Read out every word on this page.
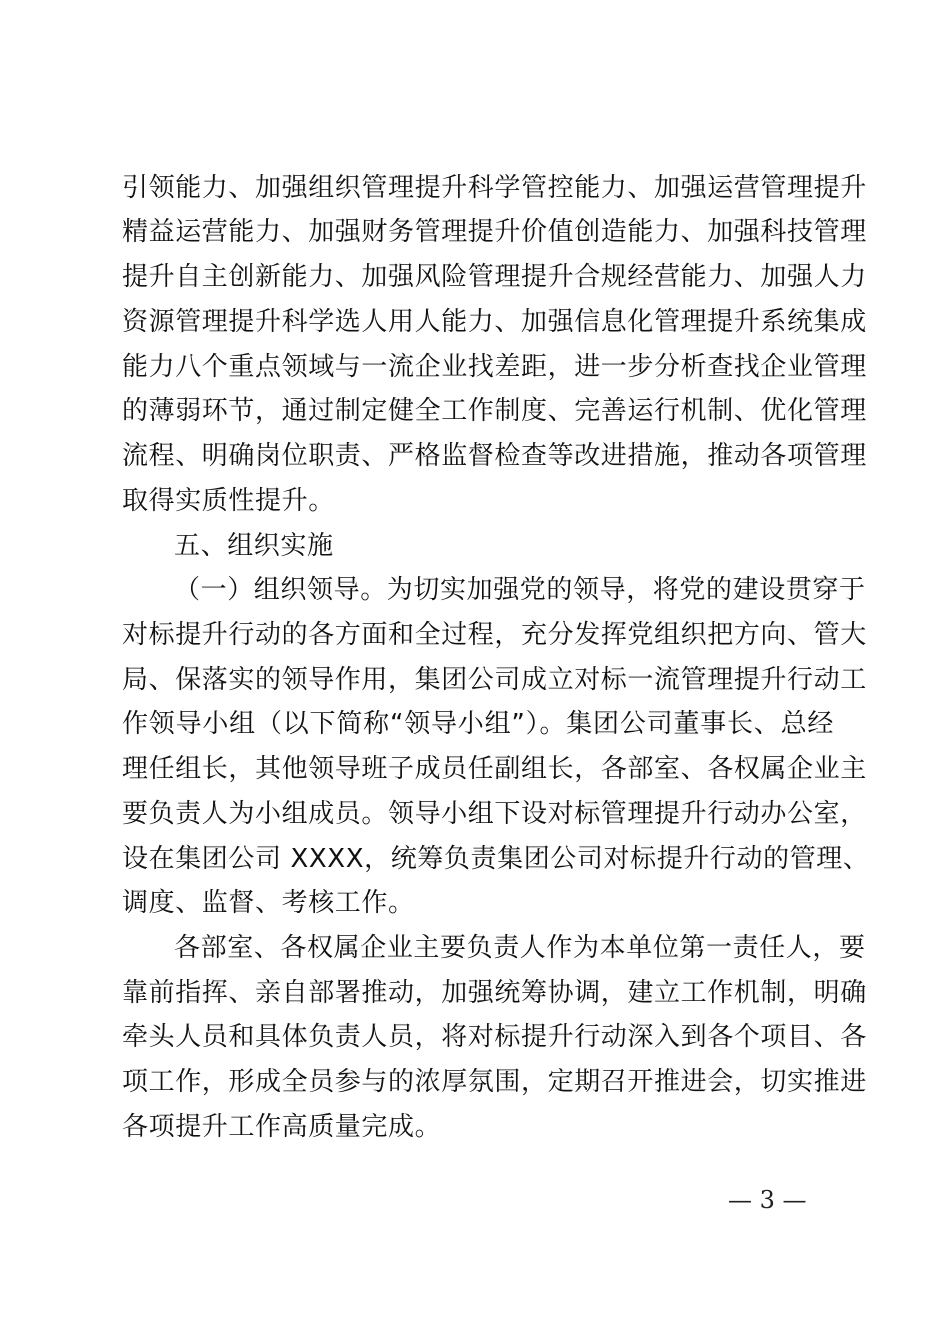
引领能力、加强组织管理提升科学管控能力、加强运营管理提升
精益运营能力、加强财务管理提升价值创造能力、加强科技管理
提升自主创新能力、加强风险管理提升合规经营能力、加强人力
资源管理提升科学选人用人能力、加强信息化管理提升系统集成
能力八个重点领域与一流企业找差距，进一步分析查找企业管理
的薄弱环节，通过制定健全工作制度、完善运行机制、优化管理
流程、明确岗位职责、严格监督检查等改进措施，推动各项管理
取得实质性提升。
五、组织实施
（一）组织领导。为切实加强党的领导，将党的建设贯穿于
对标提升行动的各方面和全过程，充分发挥党组织把方向、管大
局、保落实的领导作用，集团公司成立对标一流管理提升行动工
作领导小组（以下简称“领导小组”）。集团公司董事长、总经
理任组长，其他领导班子成员任副组长，各部室、各权属企业主
要负责人为小组成员。领导小组下设对标管理提升行动办公室，
设在集团公司 XXXX，统筹负责集团公司对标提升行动的管理、
调度、监督、考核工作。
各部室、各权属企业主要负责人作为本单位第一责任人，要
靠前指挥、亲自部署推动，加强统筹协调，建立工作机制，明确
牵头人员和具体负责人员，将对标提升行动深入到各个项目、各
项工作，形成全员参与的浓厚氛围，定期召开推进会，切实推进
各项提升工作高质量完成。
— 3 —
